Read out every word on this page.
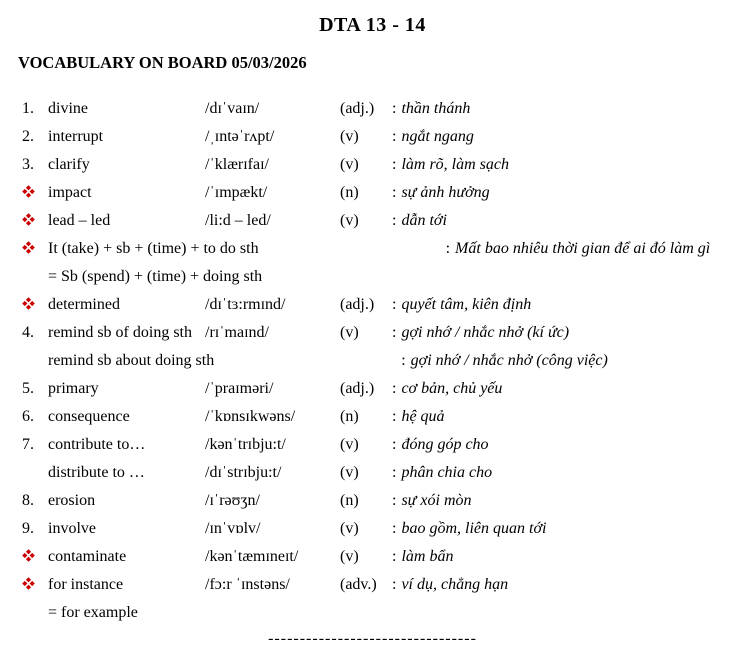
DTA 13 - 14
VOCABULARY ON BOARD 05/03/2026
1. divine	/dɪˈvaɪn/	(adj.)	: thần thánh
2. interrupt	/ˌɪntəˈrʌpt/	(v)	: ngắt ngang
3. clarify	/ˈklærɪfaɪ/	(v)	: làm rõ, làm sạch
impact	/ˈɪmpækt/	(n)	: sự ảnh hưởng
lead – led	/li:d – led/	(v)	: dẫn tới
It (take) + sb + (time) + to do sth	: Mất bao nhiêu thời gian để ai đó làm gì
= Sb (spend) + (time) + doing sth
determined	/dɪˈtɜ:rmɪnd/	(adj.)	: quyết tâm, kiên định
4. remind sb of doing sth /rɪˈmaɪnd/	(v)	: gợi nhớ / nhắc nhở (kí ức)
remind sb about doing sth	: gợi nhớ / nhắc nhở (công việc)
5. primary	/ˈpraɪməri/	(adj.)	: cơ bản, chủ yếu
6. consequence	/ˈkɒnsɪkwəns/	(n)	: hệ quả
7. contribute to…	/kənˈtrɪbju:t/	(v)	: đóng góp cho
distribute to …	/dɪˈstrɪbju:t/	(v)	: phân chia cho
8. erosion	/ɪˈrəʊʒn/	(n)	: sự xói mòn
9. involve	/ɪnˈvɒlv/	(v)	: bao gồm, liên quan tới
contaminate	/kənˈtæmɪneɪt/	(v)	: làm bẩn
for instance	/fɔ:r ˈɪnstəns/	(adv.) : ví dụ, chẳng hạn
= for example
---------------------------------
